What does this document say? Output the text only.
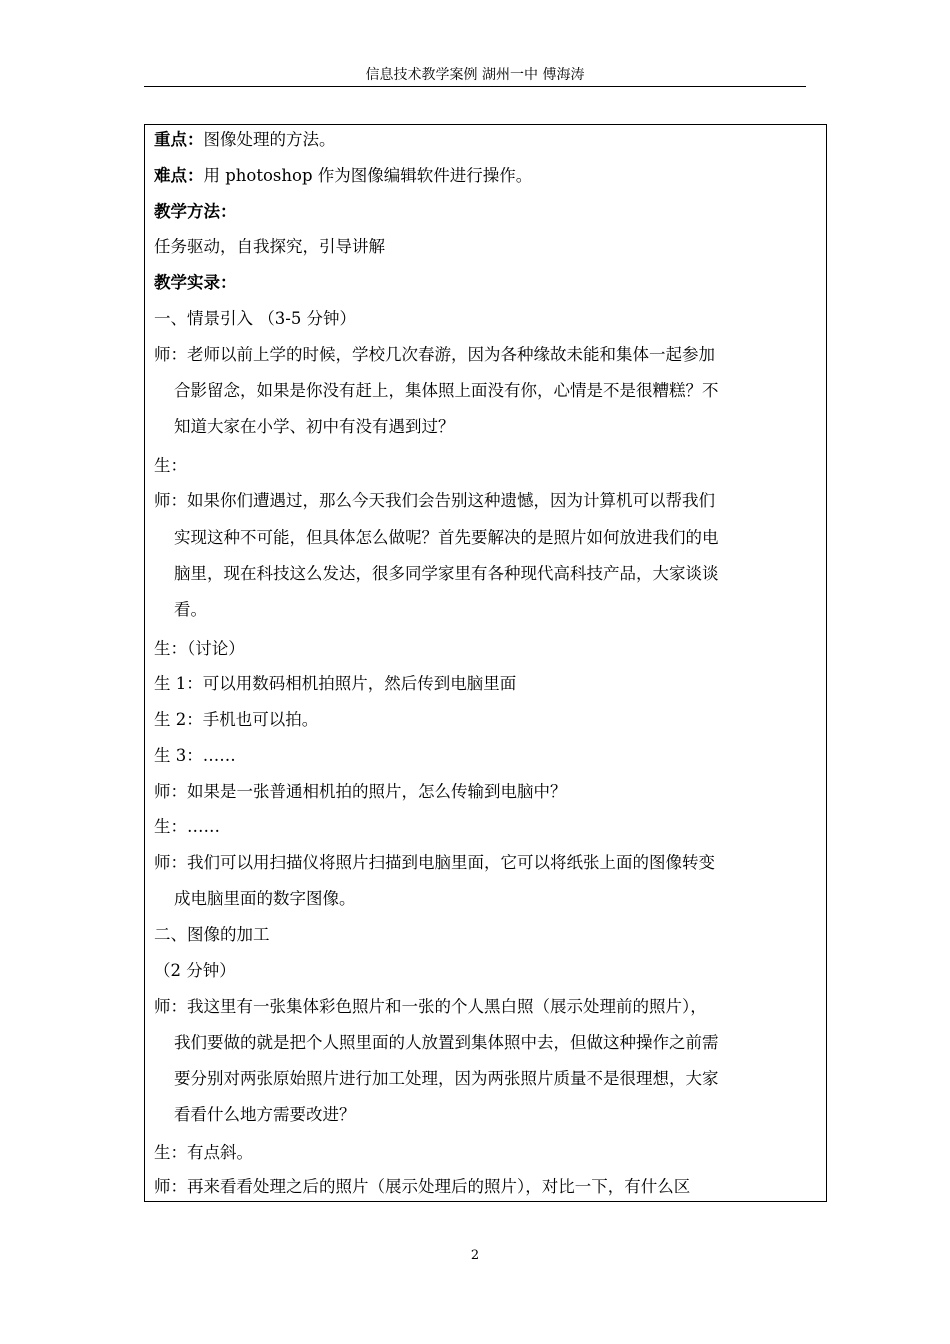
信息技术教学案例 湖州一中 傅海涛
重点：图像处理的方法。
难点：用 photoshop 作为图像编辑软件进行操作。
教学方法：
任务驱动，自我探究，引导讲解
教学实录：
一、情景引入 （3-5 分钟）
师：老师以前上学的时候，学校几次春游，因为各种缘故未能和集体一起参加
合影留念，如果是你没有赶上，集体照上面没有你，心情是不是很糟糕？不
知道大家在小学、初中有没有遇到过？
生：
师：如果你们遭遇过，那么今天我们会告别这种遗憾，因为计算机可以帮我们
实现这种不可能，但具体怎么做呢？首先要解决的是照片如何放进我们的电
脑里，现在科技这么发达，很多同学家里有各种现代高科技产品，大家谈谈
看。
生：（讨论）
生 1：可以用数码相机拍照片，然后传到电脑里面
生 2：手机也可以拍。
生 3：……
师：如果是一张普通相机拍的照片，怎么传输到电脑中？
生：……
师：我们可以用扫描仪将照片扫描到电脑里面，它可以将纸张上面的图像转变
成电脑里面的数字图像。
二、图像的加工
（2 分钟）
师：我这里有一张集体彩色照片和一张的个人黑白照（展示处理前的照片），
我们要做的就是把个人照里面的人放置到集体照中去，但做这种操作之前需
要分别对两张原始照片进行加工处理，因为两张照片质量不是很理想，大家
看看什么地方需要改进？
生：有点斜。
师：再来看看处理之后的照片（展示处理后的照片），对比一下，有什么区
2
